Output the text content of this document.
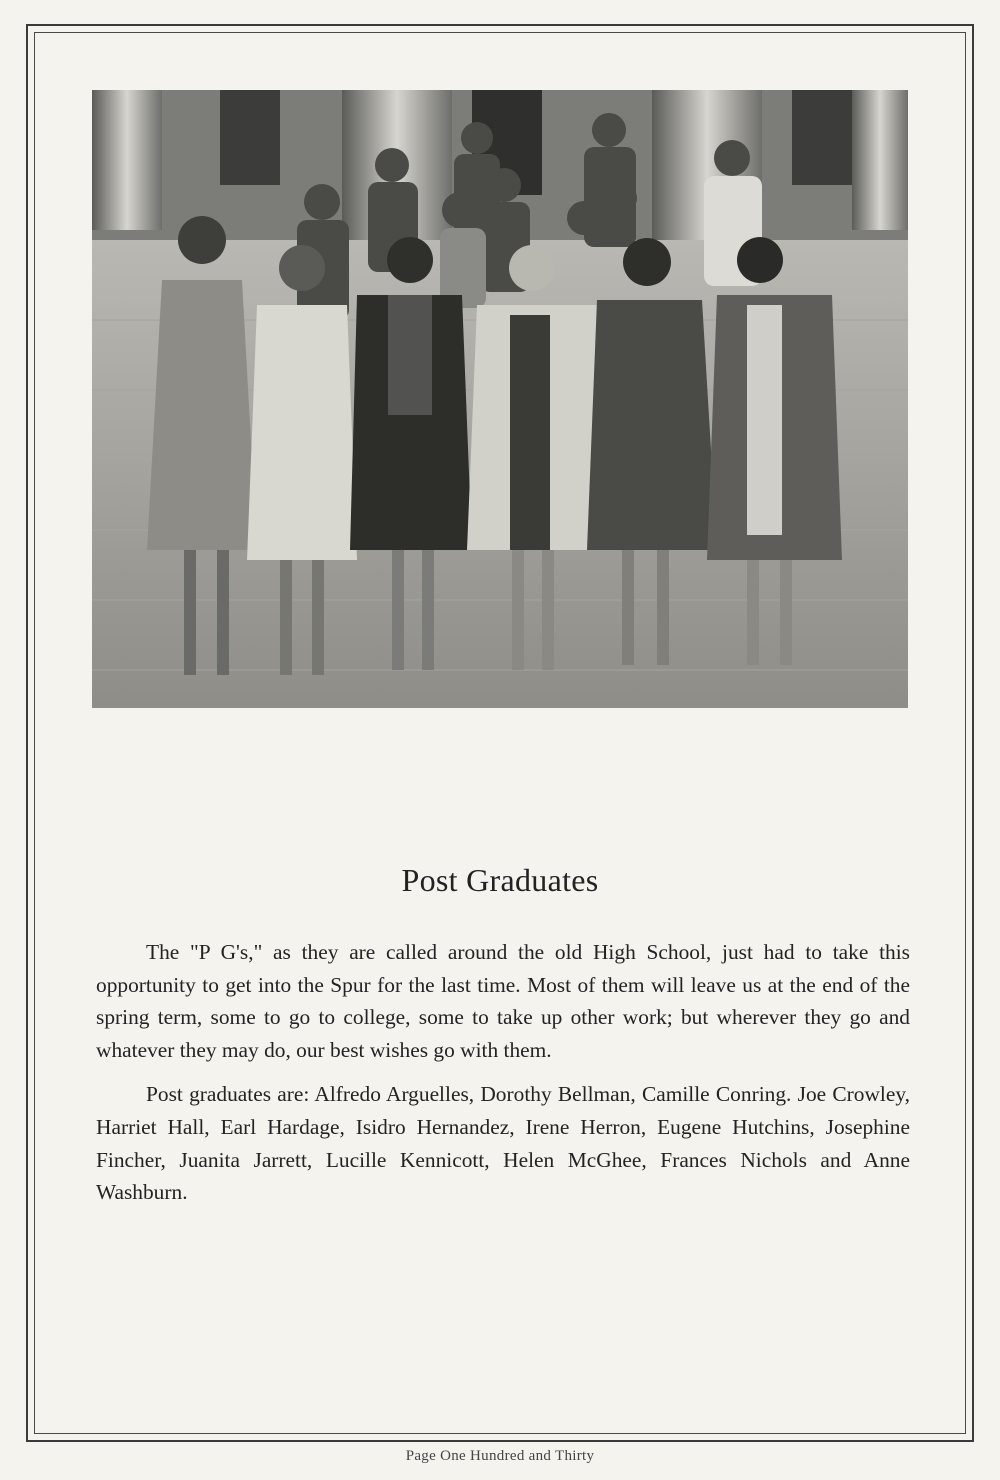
Post Graduates

The "P G's," as they are called around the old High School, just had to take this opportunity to get into the Spur for the last time. Most of them will leave us at the end of the spring term, some to go to college, some to take up other work; but wherever they go and whatever they may do, our best wishes go with them.

Post graduates are: Alfredo Arguelles, Dorothy Bellman, Camille Conring. Joe Crowley, Harriet Hall, Earl Hardage, Isidro Hernandez, Irene Herron, Eugene Hutchins, Josephine Fincher, Juanita Jarrett, Lucille Kennicott, Helen McGhee, Frances Nichols and Anne Washburn.

Page One Hundred and Thirty
